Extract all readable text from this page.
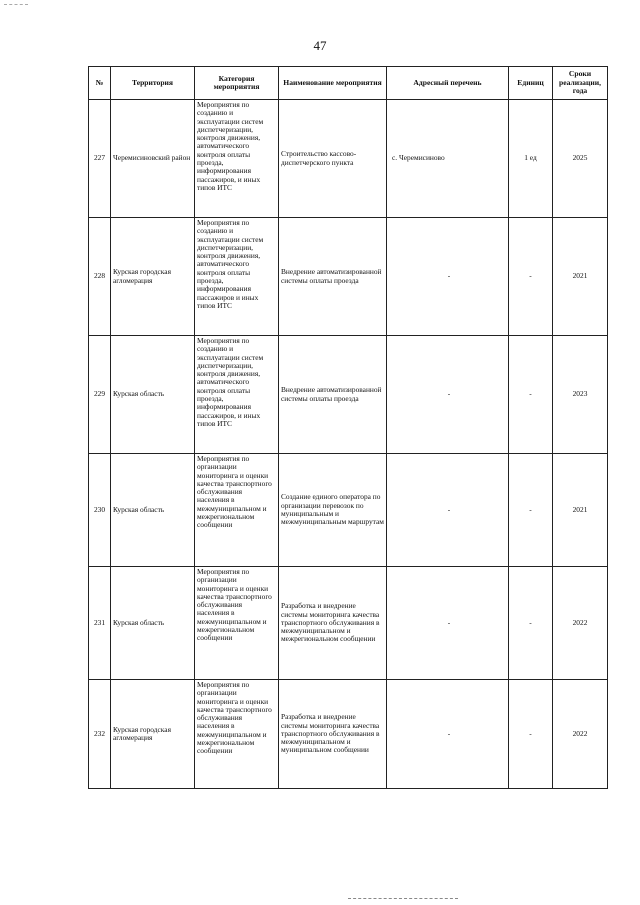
47
№	Территория	Категория мероприятия	Наименование мероприятия	Адресный перечень	Единиц	Сроки реализации, года
227	Черемисиновский район	Мероприятия по созданию и эксплуатации систем диспетчеризации, контроля движения, автоматического контроля оплаты проезда, информирования пассажиров, и иных типов ИТС	Строительство кассово-диспетчерского пункта	с. Черемисиново	1 ед	2025
228	Курская городская агломерация	Мероприятия по созданию и эксплуатации систем диспетчеризации, контроля движения, автоматического контроля оплаты проезда, информирования пассажиров и иных типов ИТС	Внедрение автоматизированной системы оплаты проезда	-	-	2021
229	Курская область	Мероприятия по созданию и эксплуатации систем диспетчеризации, контроля движения, автоматического контроля оплаты проезда, информирования пассажиров, и иных типов ИТС	Внедрение автоматизированной системы оплаты проезда	-	-	2023
230	Курская область	Мероприятия по организации мониторинга и оценки качества транспортного обслуживания населения в межмуниципальном и межрегиональном сообщении	Создание единого оператора по организации перевозок по муниципальным и межмуниципальным маршрутам	-	-	2021
231	Курская область	Мероприятия по организации мониторинга и оценки качества транспортного обслуживания населения в межмуниципальном и межрегиональном сообщении	Разработка и внедрение системы мониторинга качества транспортного обслуживания в межмуниципальном и межрегиональном сообщении	-	-	2022
232	Курская городская агломерация	Мероприятия по организации мониторинга и оценки качества транспортного обслуживания населения в межмуниципальном и межрегиональном сообщении	Разработка и внедрение системы мониторинга качества транспортного обслуживания в межмуниципальном и муниципальном сообщении	-	-	2022
